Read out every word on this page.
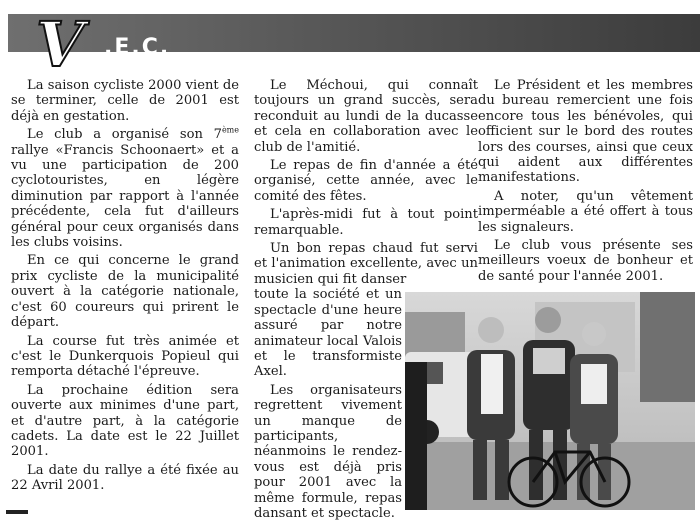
V .E.C.

La saison cycliste 2000 vient de se terminer, celle de 2001 est déjà en gestation.

Le club a organisé son 7ème rallye «Francis Schoonaert» et a vu une participation de 200 cyclotouristes, en légère diminution par rapport à l'année précédente, cela fut d'ailleurs général pour ceux organisés dans les clubs voisins.

En ce qui concerne le grand prix cycliste de la municipalité ouvert à la catégorie nationale, c'est 60 coureurs qui prirent le départ.

La course fut très animée et c'est le Dunkerquois Popieul qui remporta détaché l'épreuve.

La prochaine édition sera ouverte aux minimes d'une part, et d'autre part, à la catégorie cadets. La date est le 22 Juillet 2001.

La date du rallye a été fixée au 22 Avril 2001.

Le Méchoui, qui connaît toujours un grand succès, sera reconduit au lundi de la ducasse et cela en collaboration avec le club de l'amitié.

Le repas de fin d'année a été organisé, cette année, avec le comité des fêtes.

L'après-midi fut à tout point remarquable.

Un bon repas chaud fut servi et l'animation excellente, avec un musicien qui fit danser

toute la société et un spectacle d'une heure assuré par notre animateur local Valois et le transformiste Axel.

Les organisateurs regrettent vivement un manque de participants, néanmoins le rendez-vous est déjà pris pour 2001 avec la même formule, repas dansant et spectacle.

Le Président et les membres du bureau remercient une fois encore tous les bénévoles, qui officient sur le bord des routes lors des courses, ainsi que ceux qui aident aux différentes manifestations.

A noter, qu'un vêtement imperméable a été offert à tous les signaleurs.

Le club vous présente ses meilleurs voeux de bonheur et de santé pour l'année 2001.
